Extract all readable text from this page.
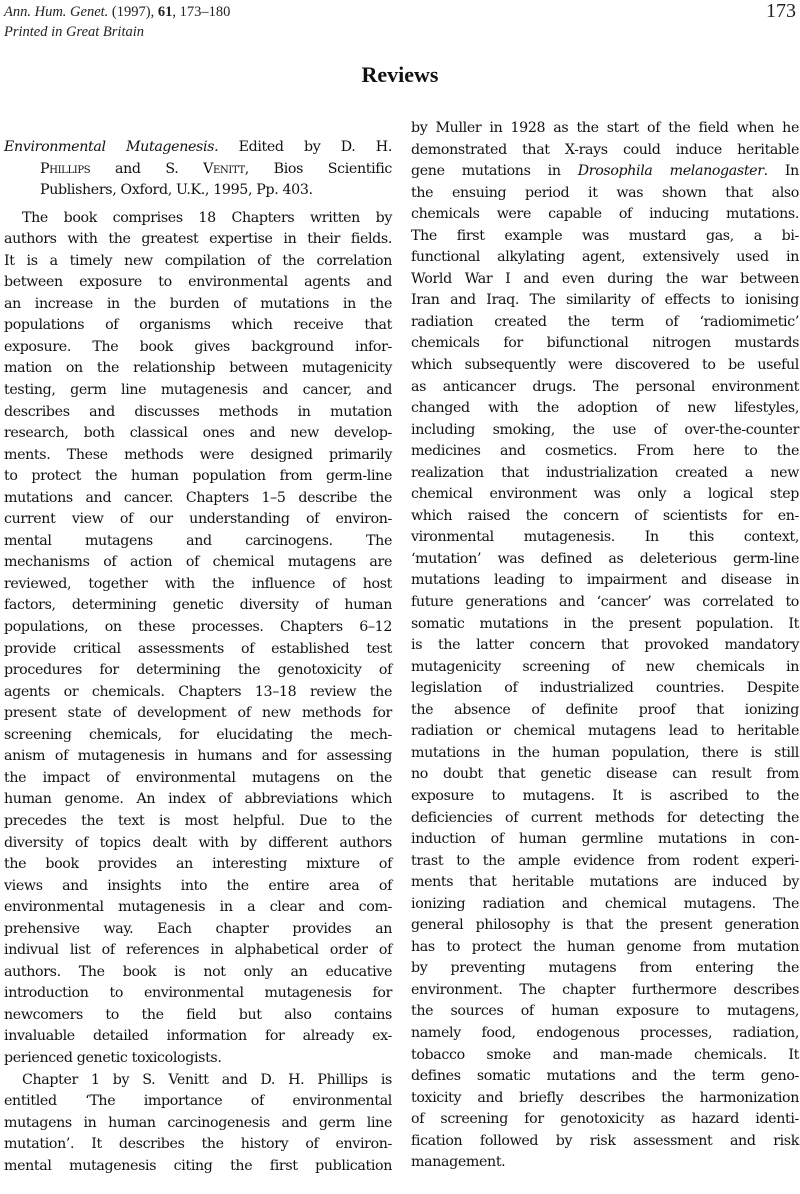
Ann. Hum. Genet. (1997), 61, 173–180
Printed in Great Britain
173
Reviews
Environmental Mutagenesis. Edited by D. H.
Phillips and S. Venitt, Bios Scientific
Publishers, Oxford, U.K., 1995, Pp. 403.
The book comprises 18 Chapters written by
authors with the greatest expertise in their fields.
It is a timely new compilation of the correlation
between exposure to environmental agents and
an increase in the burden of mutations in the
populations of organisms which receive that
exposure. The book gives background infor-
mation on the relationship between mutagenicity
testing, germ line mutagenesis and cancer, and
describes and discusses methods in mutation
research, both classical ones and new develop-
ments. These methods were designed primarily
to protect the human population from germ-line
mutations and cancer. Chapters 1–5 describe the
current view of our understanding of environ-
mental mutagens and carcinogens. The
mechanisms of action of chemical mutagens are
reviewed, together with the influence of host
factors, determining genetic diversity of human
populations, on these processes. Chapters 6–12
provide critical assessments of established test
procedures for determining the genotoxicity of
agents or chemicals. Chapters 13–18 review the
present state of development of new methods for
screening chemicals, for elucidating the mech-
anism of mutagenesis in humans and for assessing
the impact of environmental mutagens on the
human genome. An index of abbreviations which
precedes the text is most helpful. Due to the
diversity of topics dealt with by different authors
the book provides an interesting mixture of
views and insights into the entire area of
environmental mutagenesis in a clear and com-
prehensive way. Each chapter provides an
indivual list of references in alphabetical order of
authors. The book is not only an educative
introduction to environmental mutagenesis for
newcomers to the field but also contains
invaluable detailed information for already ex-
perienced genetic toxicologists.
Chapter 1 by S. Venitt and D. H. Phillips is
entitled ‘The importance of environmental
mutagens in human carcinogenesis and germ line
mutation’. It describes the history of environ-
mental mutagenesis citing the first publication
by Muller in 1928 as the start of the field when he
demonstrated that X-rays could induce heritable
gene mutations in Drosophila melanogaster. In
the ensuing period it was shown that also
chemicals were capable of inducing mutations.
The first example was mustard gas, a bi-
functional alkylating agent, extensively used in
World War I and even during the war between
Iran and Iraq. The similarity of effects to ionising
radiation created the term of ‘radiomimetic’
chemicals for bifunctional nitrogen mustards
which subsequently were discovered to be useful
as anticancer drugs. The personal environment
changed with the adoption of new lifestyles,
including smoking, the use of over-the-counter
medicines and cosmetics. From here to the
realization that industrialization created a new
chemical environment was only a logical step
which raised the concern of scientists for en-
vironmental mutagenesis. In this context,
‘mutation’ was defined as deleterious germ-line
mutations leading to impairment and disease in
future generations and ‘cancer’ was correlated to
somatic mutations in the present population. It
is the latter concern that provoked mandatory
mutagenicity screening of new chemicals in
legislation of industrialized countries. Despite
the absence of definite proof that ionizing
radiation or chemical mutagens lead to heritable
mutations in the human population, there is still
no doubt that genetic disease can result from
exposure to mutagens. It is ascribed to the
deficiencies of current methods for detecting the
induction of human germline mutations in con-
trast to the ample evidence from rodent experi-
ments that heritable mutations are induced by
ionizing radiation and chemical mutagens. The
general philosophy is that the present generation
has to protect the human genome from mutation
by preventing mutagens from entering the
environment. The chapter furthermore describes
the sources of human exposure to mutagens,
namely food, endogenous processes, radiation,
tobacco smoke and man-made chemicals. It
defines somatic mutations and the term geno-
toxicity and briefly describes the harmonization
of screening for genotoxicity as hazard identi-
fication followed by risk assessment and risk
management.
